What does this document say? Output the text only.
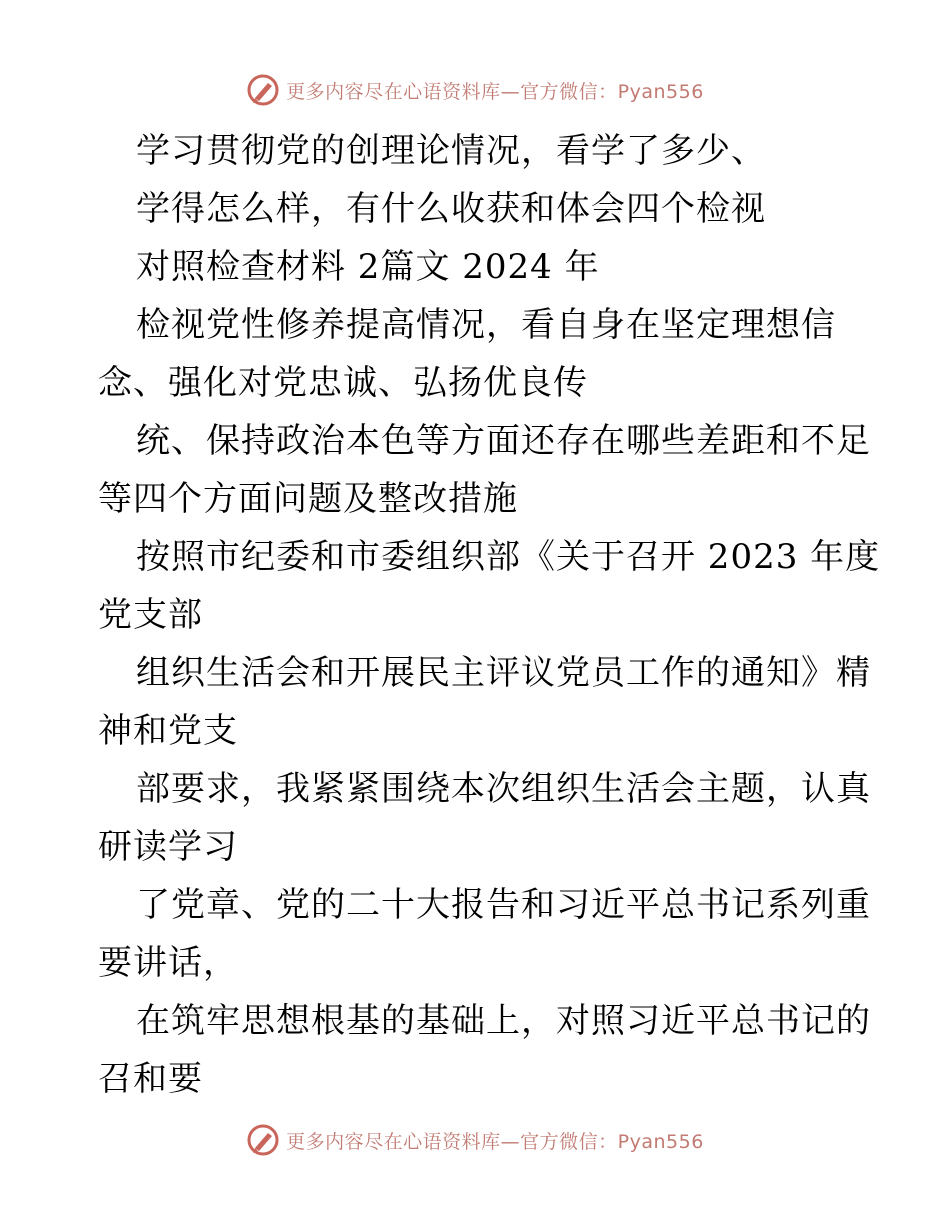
更多内容尽在心语资料库—官方微信：Pyan556
学习贯彻党的创理论情况，看学了多少、
学得怎么样，有什么收获和体会四个检视
对照检查材料 2篇文 2024 年
检视党性修养提高情况，看自身在坚定理想信
念、强化对党忠诚、弘扬优良传
统、保持政治本色等方面还存在哪些差距和不足
等四个方面问题及整改措施
按照市纪委和市委组织部《关于召开 2023 年度
党支部
组织生活会和开展民主评议党员工作的通知》精
神和党支
部要求，我紧紧围绕本次组织生活会主题，认真
研读学习
了党章、党的二十大报告和习近平总书记系列重
要讲话，
在筑牢思想根基的基础上，对照习近平总书记的
召和要
更多内容尽在心语资料库—官方微信：Pyan556
